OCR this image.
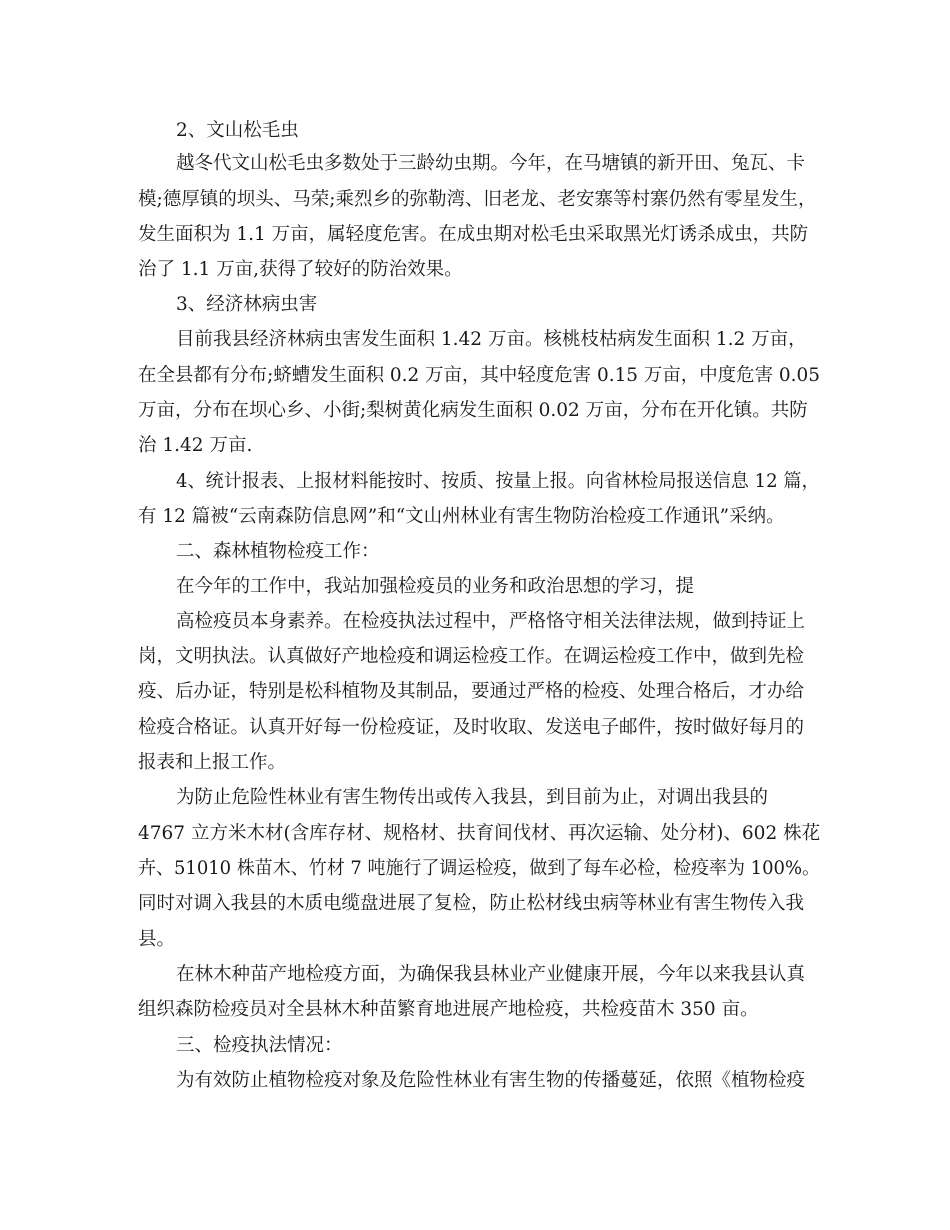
2、文山松毛虫
越冬代文山松毛虫多数处于三龄幼虫期。今年，在马塘镇的新开田、兔瓦、卡
模;德厚镇的坝头、马荣;乘烈乡的弥勒湾、旧老龙、老安寨等村寨仍然有零星发生，
发生面积为 1.1 万亩，属轻度危害。在成虫期对松毛虫采取黑光灯诱杀成虫，共防
治了 1.1 万亩,获得了较好的防治效果。
3、经济林病虫害
目前我县经济林病虫害发生面积 1.42 万亩。核桃枝枯病发生面积 1.2 万亩，
在全县都有分布;蛴螬发生面积 0.2 万亩，其中轻度危害 0.15 万亩，中度危害 0.05
万亩，分布在坝心乡、小街;梨树黄化病发生面积 0.02 万亩，分布在开化镇。共防
治 1.42 万亩.
4、统计报表、上报材料能按时、按质、按量上报。向省林检局报送信息 12 篇，
有 12 篇被“云南森防信息网”和“文山州林业有害生物防治检疫工作通讯”采纳。
二、森林植物检疫工作：
在今年的工作中，我站加强检疫员的业务和政治思想的学习，提
高检疫员本身素养。在检疫执法过程中，严格恪守相关法律法规，做到持证上
岗，文明执法。认真做好产地检疫和调运检疫工作。在调运检疫工作中，做到先检
疫、后办证，特别是松科植物及其制品，要通过严格的检疫、处理合格后，才办给
检疫合格证。认真开好每一份检疫证，及时收取、发送电子邮件，按时做好每月的
报表和上报工作。
为防止危险性林业有害生物传出或传入我县，到目前为止，对调出我县的
4767 立方米木材(含库存材、规格材、扶育间伐材、再次运输、处分材)、602 株花
卉、51010 株苗木、竹材 7 吨施行了调运检疫，做到了每车必检，检疫率为 100%。
同时对调入我县的木质电缆盘进展了复检，防止松材线虫病等林业有害生物传入我
县。
在林木种苗产地检疫方面，为确保我县林业产业健康开展，今年以来我县认真
组织森防检疫员对全县林木种苗繁育地进展产地检疫，共检疫苗木 350 亩。
三、检疫执法情况：
为有效防止植物检疫对象及危险性林业有害生物的传播蔓延，依照《植物检疫
